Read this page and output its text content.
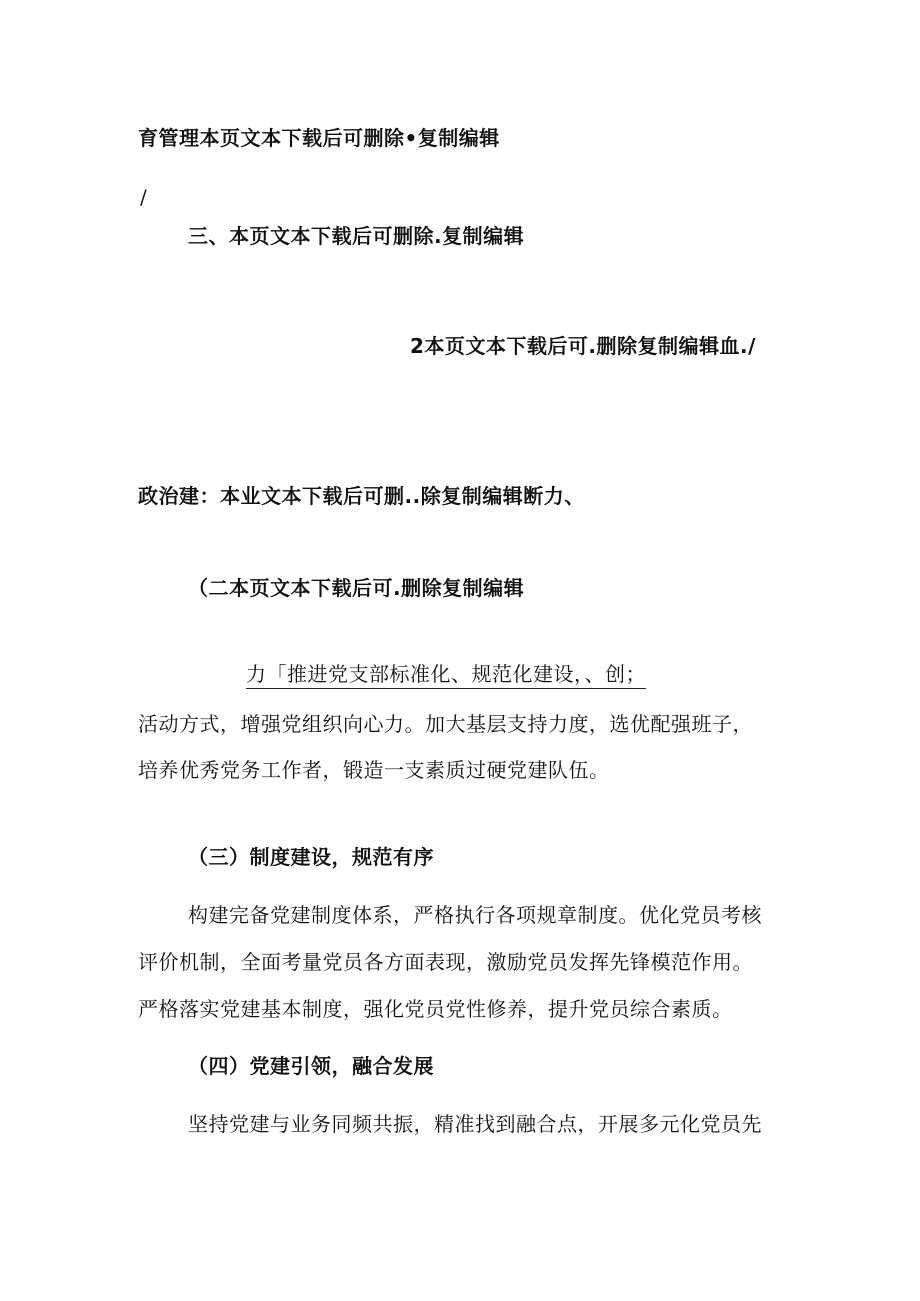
育管理本页文本下载后可删除•复制编辑
/
三、本页文本下载后可删除.复制编辑
2本页文本下载后可.删除复制编辑血./
政治建：本业文本下载后可删..除复制编辑断力、
（二本页文本下载后可.删除复制编辑
力「推进党支部标准化、规范化建设，、创；
活动方式，增强党组织向心力。加大基层支持力度，选优配强班子，
培养优秀党务工作者，锻造一支素质过硬党建队伍。
（三）制度建设，规范有序
构建完备党建制度体系，严格执行各项规章制度。优化党员考核
评价机制，全面考量党员各方面表现，激励党员发挥先锋模范作用。
严格落实党建基本制度，强化党员党性修养，提升党员综合素质。
（四）党建引领，融合发展
坚持党建与业务同频共振，精准找到融合点，开展多元化党员先
